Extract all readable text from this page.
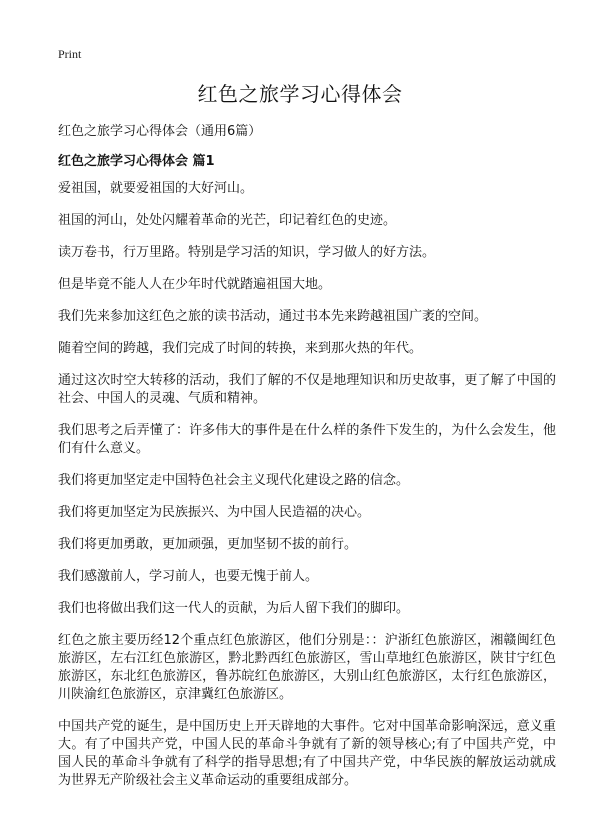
Print
红色之旅学习心得体会

红色之旅学习心得体会（通用6篇）

红色之旅学习心得体会 篇1

爱祖国，就要爱祖国的大好河山。

祖国的河山，处处闪耀着革命的光芒，印记着红色的史迹。

读万卷书，行万里路。特别是学习活的知识，学习做人的好方法。

但是毕竟不能人人在少年时代就踏遍祖国大地。

我们先来参加这红色之旅的读书活动，通过书本先来跨越祖国广袤的空间。

随着空间的跨越，我们完成了时间的转换，来到那火热的年代。

通过这次时空大转移的活动，我们了解的不仅是地理知识和历史故事，更了解了中国的社会、中国人的灵魂、气质和精神。

我们思考之后弄懂了：许多伟大的事件是在什么样的条件下发生的，为什么会发生，他们有什么意义。

我们将更加坚定走中国特色社会主义现代化建设之路的信念。

我们将更加坚定为民族振兴、为中国人民造福的决心。

我们将更加勇敢，更加顽强，更加坚韧不拔的前行。

我们感激前人，学习前人，也要无愧于前人。

我们也将做出我们这一代人的贡献，为后人留下我们的脚印。

红色之旅主要历经12个重点红色旅游区，他们分别是：：沪浙红色旅游区，湘赣闽红色旅游区，左右江红色旅游区，黔北黔西红色旅游区，雪山草地红色旅游区，陕甘宁红色旅游区，东北红色旅游区，鲁苏皖红色旅游区，大别山红色旅游区，太行红色旅游区，川陕渝红色旅游区，京津冀红色旅游区。

中国共产党的诞生，是中国历史上开天辟地的大事件。它对中国革命影响深远，意义重大。有了中国共产党，中国人民的革命斗争就有了新的领导核心;有了中国共产党，中国人民的革命斗争就有了科学的指导思想;有了中国共产党，中华民族的解放运动就成为世界无产阶级社会主义革命运动的重要组成部分。
